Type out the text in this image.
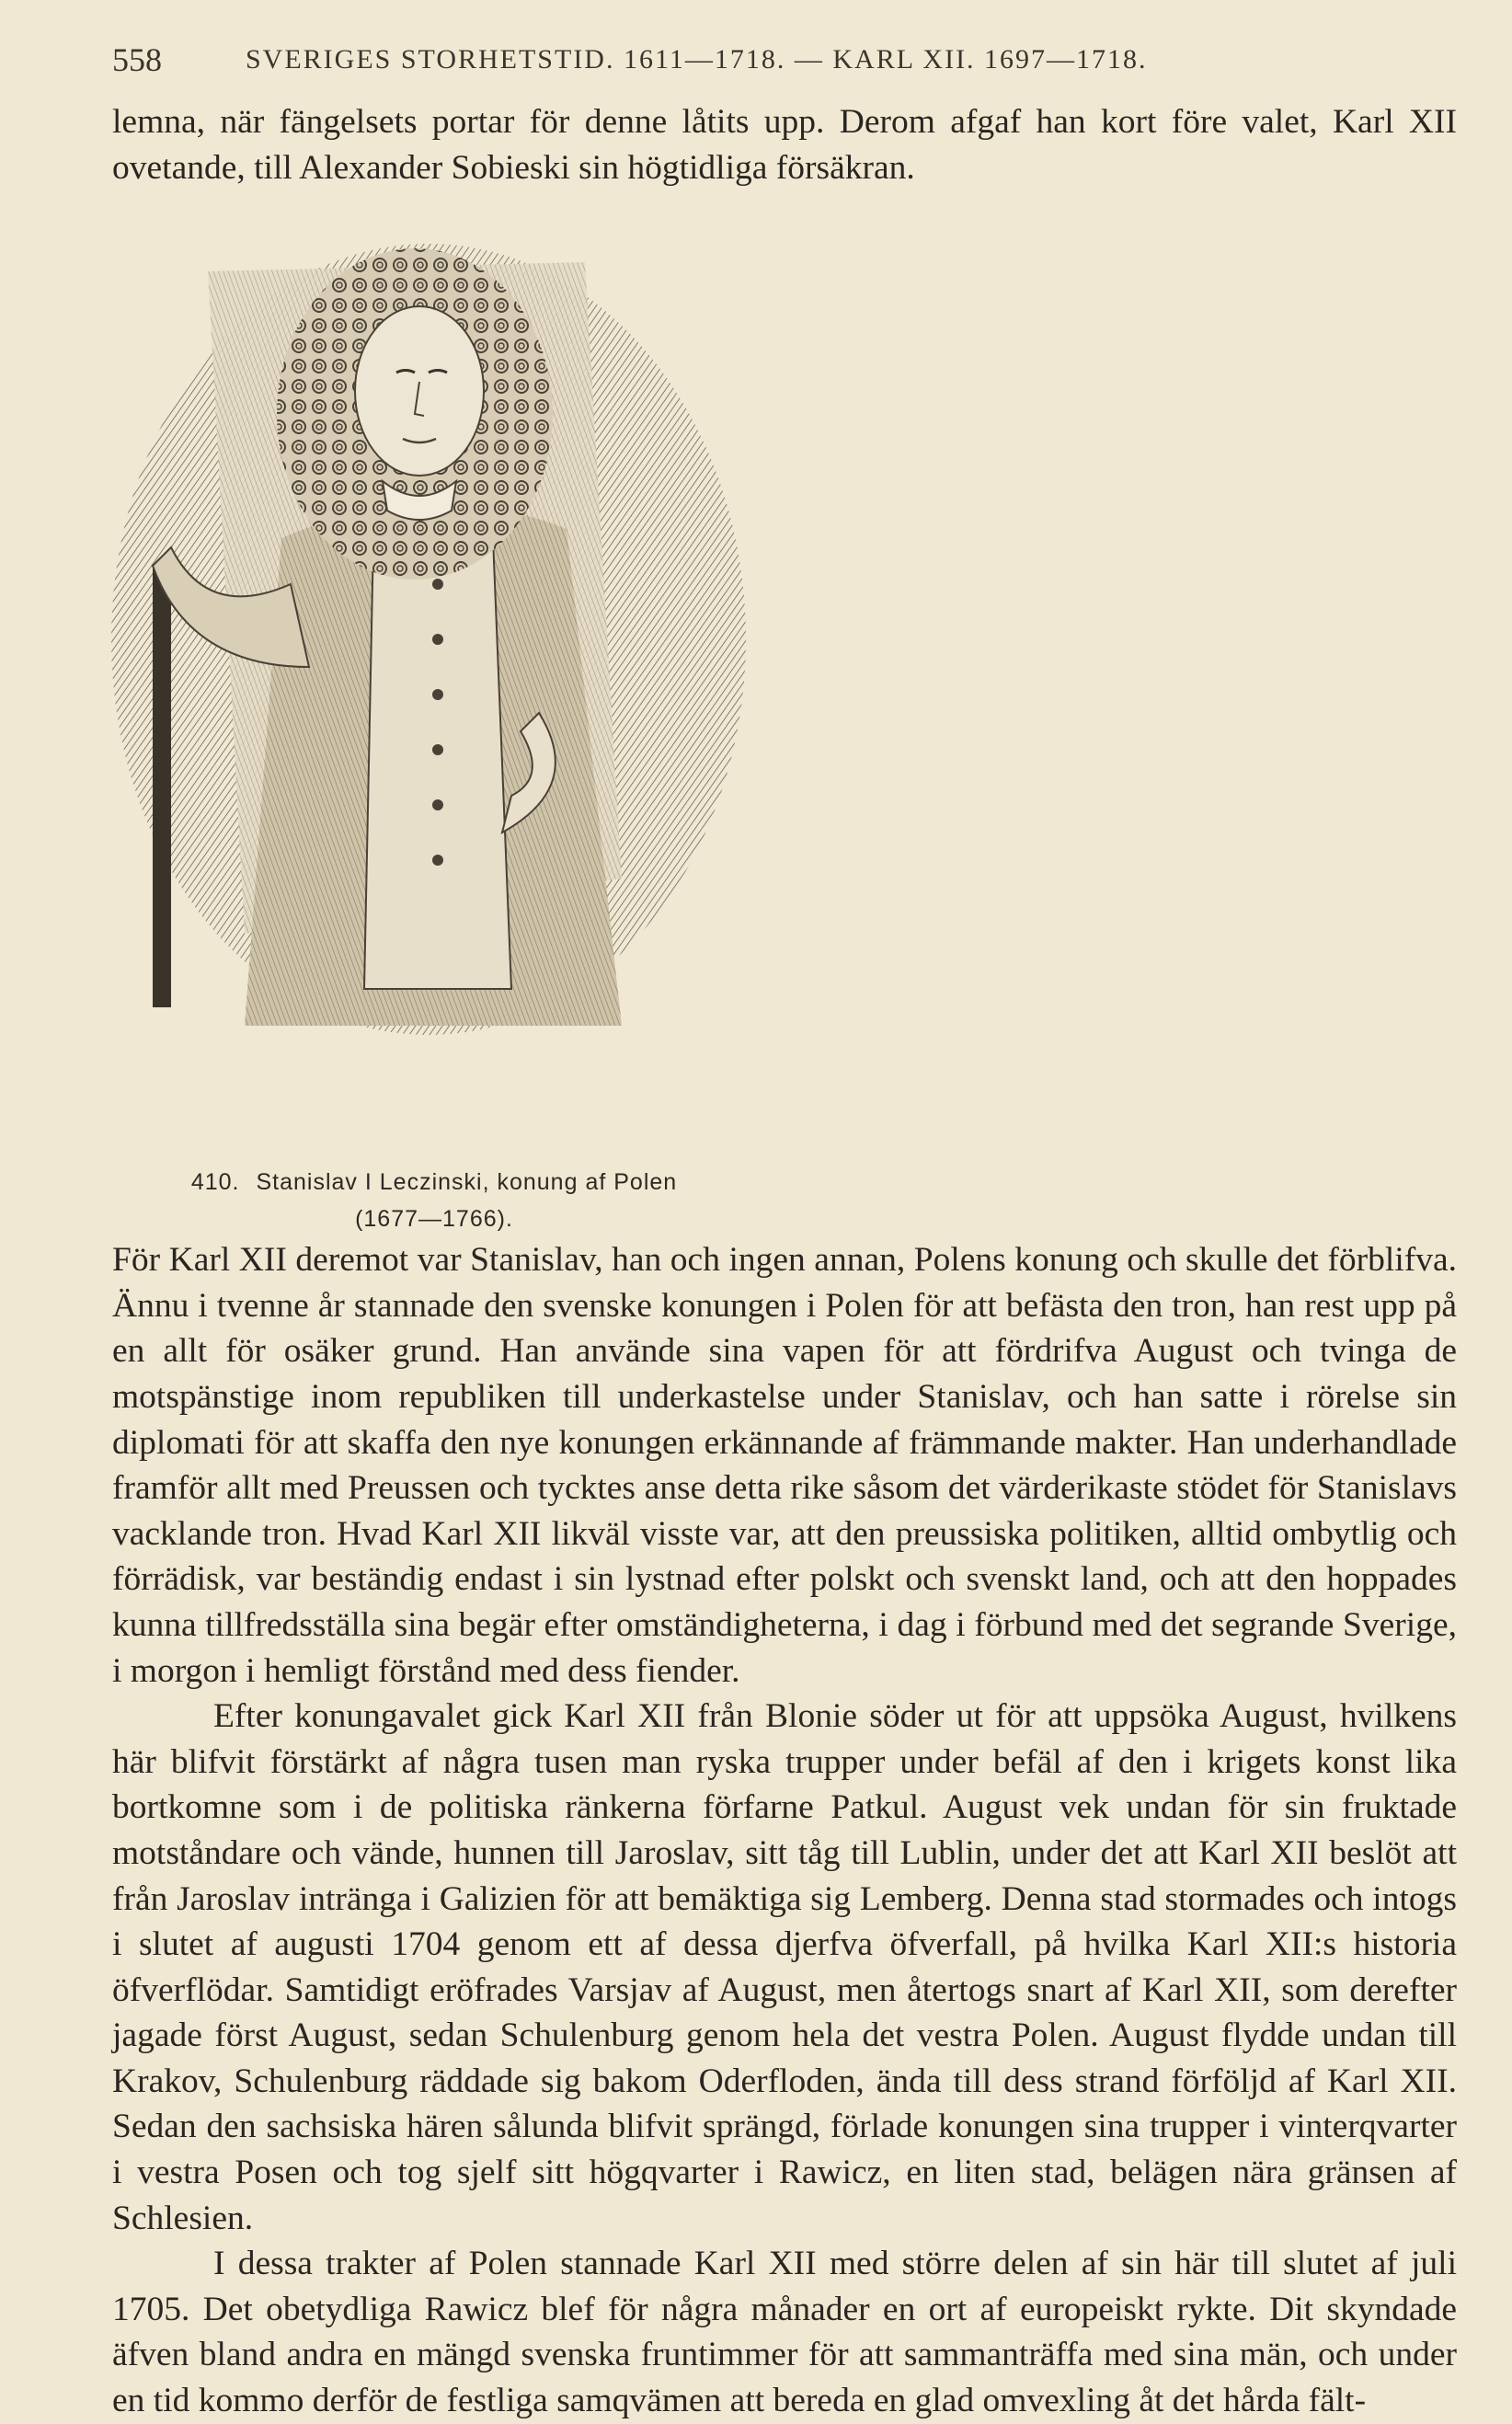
558	SVERIGES STORHETSTID. 1611—1718. — KARL XII. 1697—1718.

lemna, när fängelsets portar för denne låtits upp. Derom afgaf han kort före valet, Karl XII ovetande, till Alexander Sobieski sin högtidliga försäkran.

410. Stanislav I Leczinski, konung af Polen
(1677—1766).
För Karl XII deremot var Stanislav, han och ingen annan, Polens konung och skulle det förblifva. Ännu i tvenne år stannade den svenske konungen i Polen för att befästa den tron, han rest upp på en allt för osäker grund. Han använde sina vapen för att fördrifva August och tvinga de motspänstige inom republiken till underkastelse under Stanislav, och han satte i rörelse sin diplomati för att skaffa den nye konungen erkännande af främmande makter. Han underhandlade framför allt med Preussen och tycktes anse detta rike såsom det värderikaste stödet för Stanislavs vacklande tron. Hvad Karl XII likväl visste var, att den preussiska politiken, alltid ombytlig och förrädisk, var beständig endast i sin lystnad efter polskt och svenskt land, och att den hoppades kunna tillfredsställa sina begär efter omständigheterna, i dag i förbund med det segrande Sverige, i morgon i hemligt förstånd med dess fiender.

Efter konungavalet gick Karl XII från Blonie söder ut för att uppsöka August, hvilkens här blifvit förstärkt af några tusen man ryska trupper under befäl af den i krigets konst lika bortkomne som i de politiska ränkerna förfarne Patkul. August vek undan för sin fruktade motståndare och vände, hunnen till Jaroslav, sitt tåg till Lublin, under det att Karl XII beslöt att från Jaroslav intränga i Galizien för att bemäktiga sig Lemberg. Denna stad stormades och intogs i slutet af augusti 1704 genom ett af dessa djerfva öfverfall, på hvilka Karl XII:s historia öfverflödar. Samtidigt eröfrades Varsjav af August, men återtogs snart af Karl XII, som derefter jagade först August, sedan Schulenburg genom hela det vestra Polen. August flydde undan till Krakov, Schulenburg räddade sig bakom Oderfloden, ända till dess strand förföljd af Karl XII. Sedan den sachsiska hären sålunda blifvit sprängd, förlade konungen sina trupper i vinterqvarter i vestra Posen och tog sjelf sitt högqvarter i Rawicz, en liten stad, belägen nära gränsen af Schlesien.

I dessa trakter af Polen stannade Karl XII med större delen af sin här till slutet af juli 1705. Det obetydliga Rawicz blef för några månader en ort af europeiskt rykte. Dit skyndade äfven bland andra en mängd svenska fruntimmer för att sammanträffa med sina män, och under en tid kommo derför de festliga samqvämen att bereda en glad omvexling åt det hårda fält-
